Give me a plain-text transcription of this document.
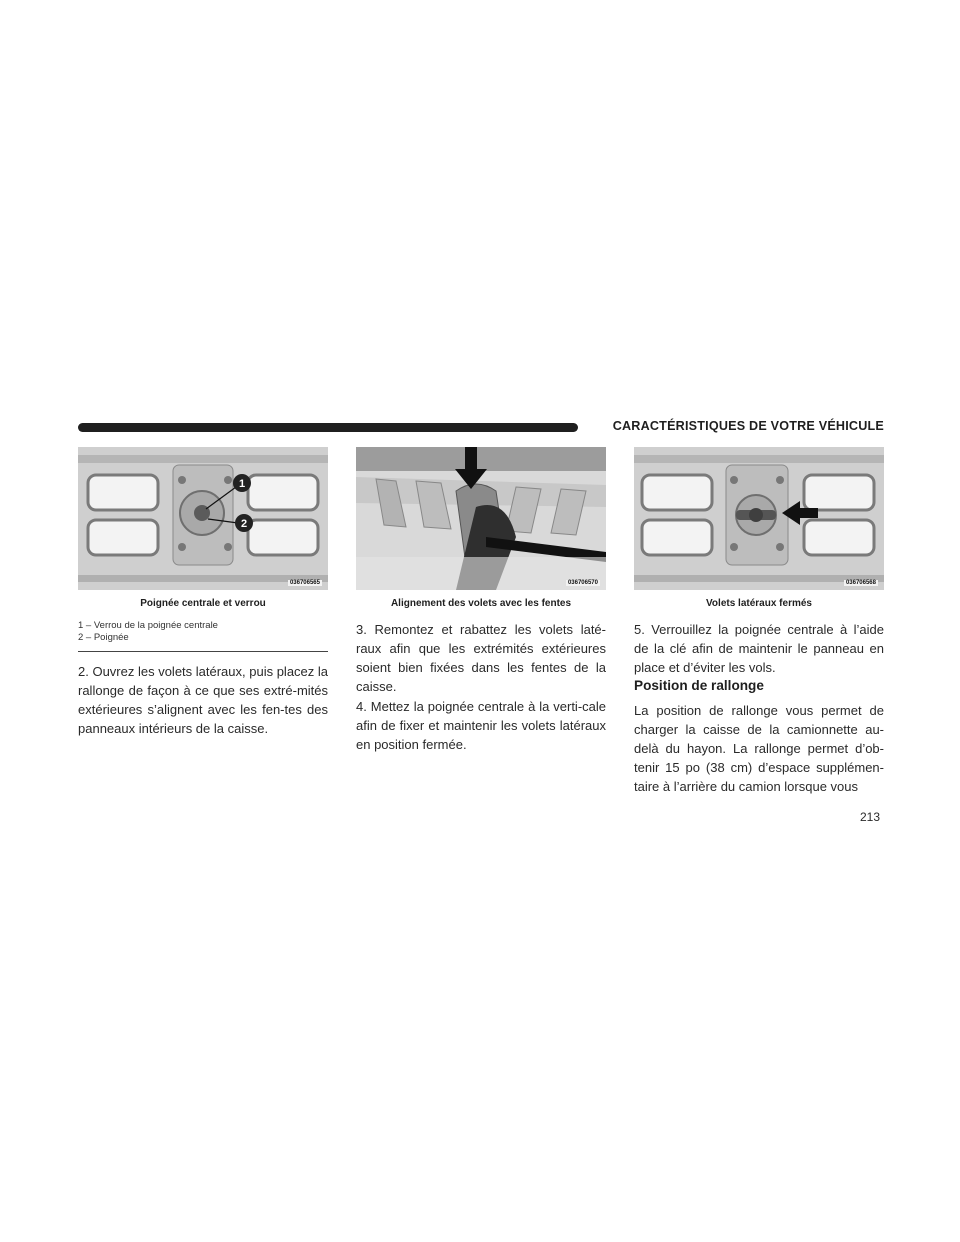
CARACTÉRISTIQUES DE VOTRE VÉHICULE
1
2
036706565	036706570	036706568
Poignée centrale et verrou	Alignement des volets avec les fentes	Volets latéraux fermés
1 – Verrou de la poignée centrale
2 – Poignée

2. Ouvrez les volets latéraux, puis placez la rallonge de façon à ce que ses extré-mités extérieures s’alignent avec les fen-tes des panneaux intérieurs de la caisse.

3. Remontez et rabattez les volets laté-raux afin que les extrémités extérieures soient bien fixées dans les fentes de la caisse.

4. Mettez la poignée centrale à la verti-cale afin de fixer et maintenir les volets latéraux en position fermée.

5. Verrouillez la poignée centrale à l’aide de la clé afin de maintenir le panneau en place et d’éviter les vols.

Position de rallonge

La position de rallonge vous permet de charger la caisse de la camionnette au-delà du hayon. La rallonge permet d’ob-tenir 15 po (38 cm) d’espace supplémen-taire à l’arrière du camion lorsque vous

213
